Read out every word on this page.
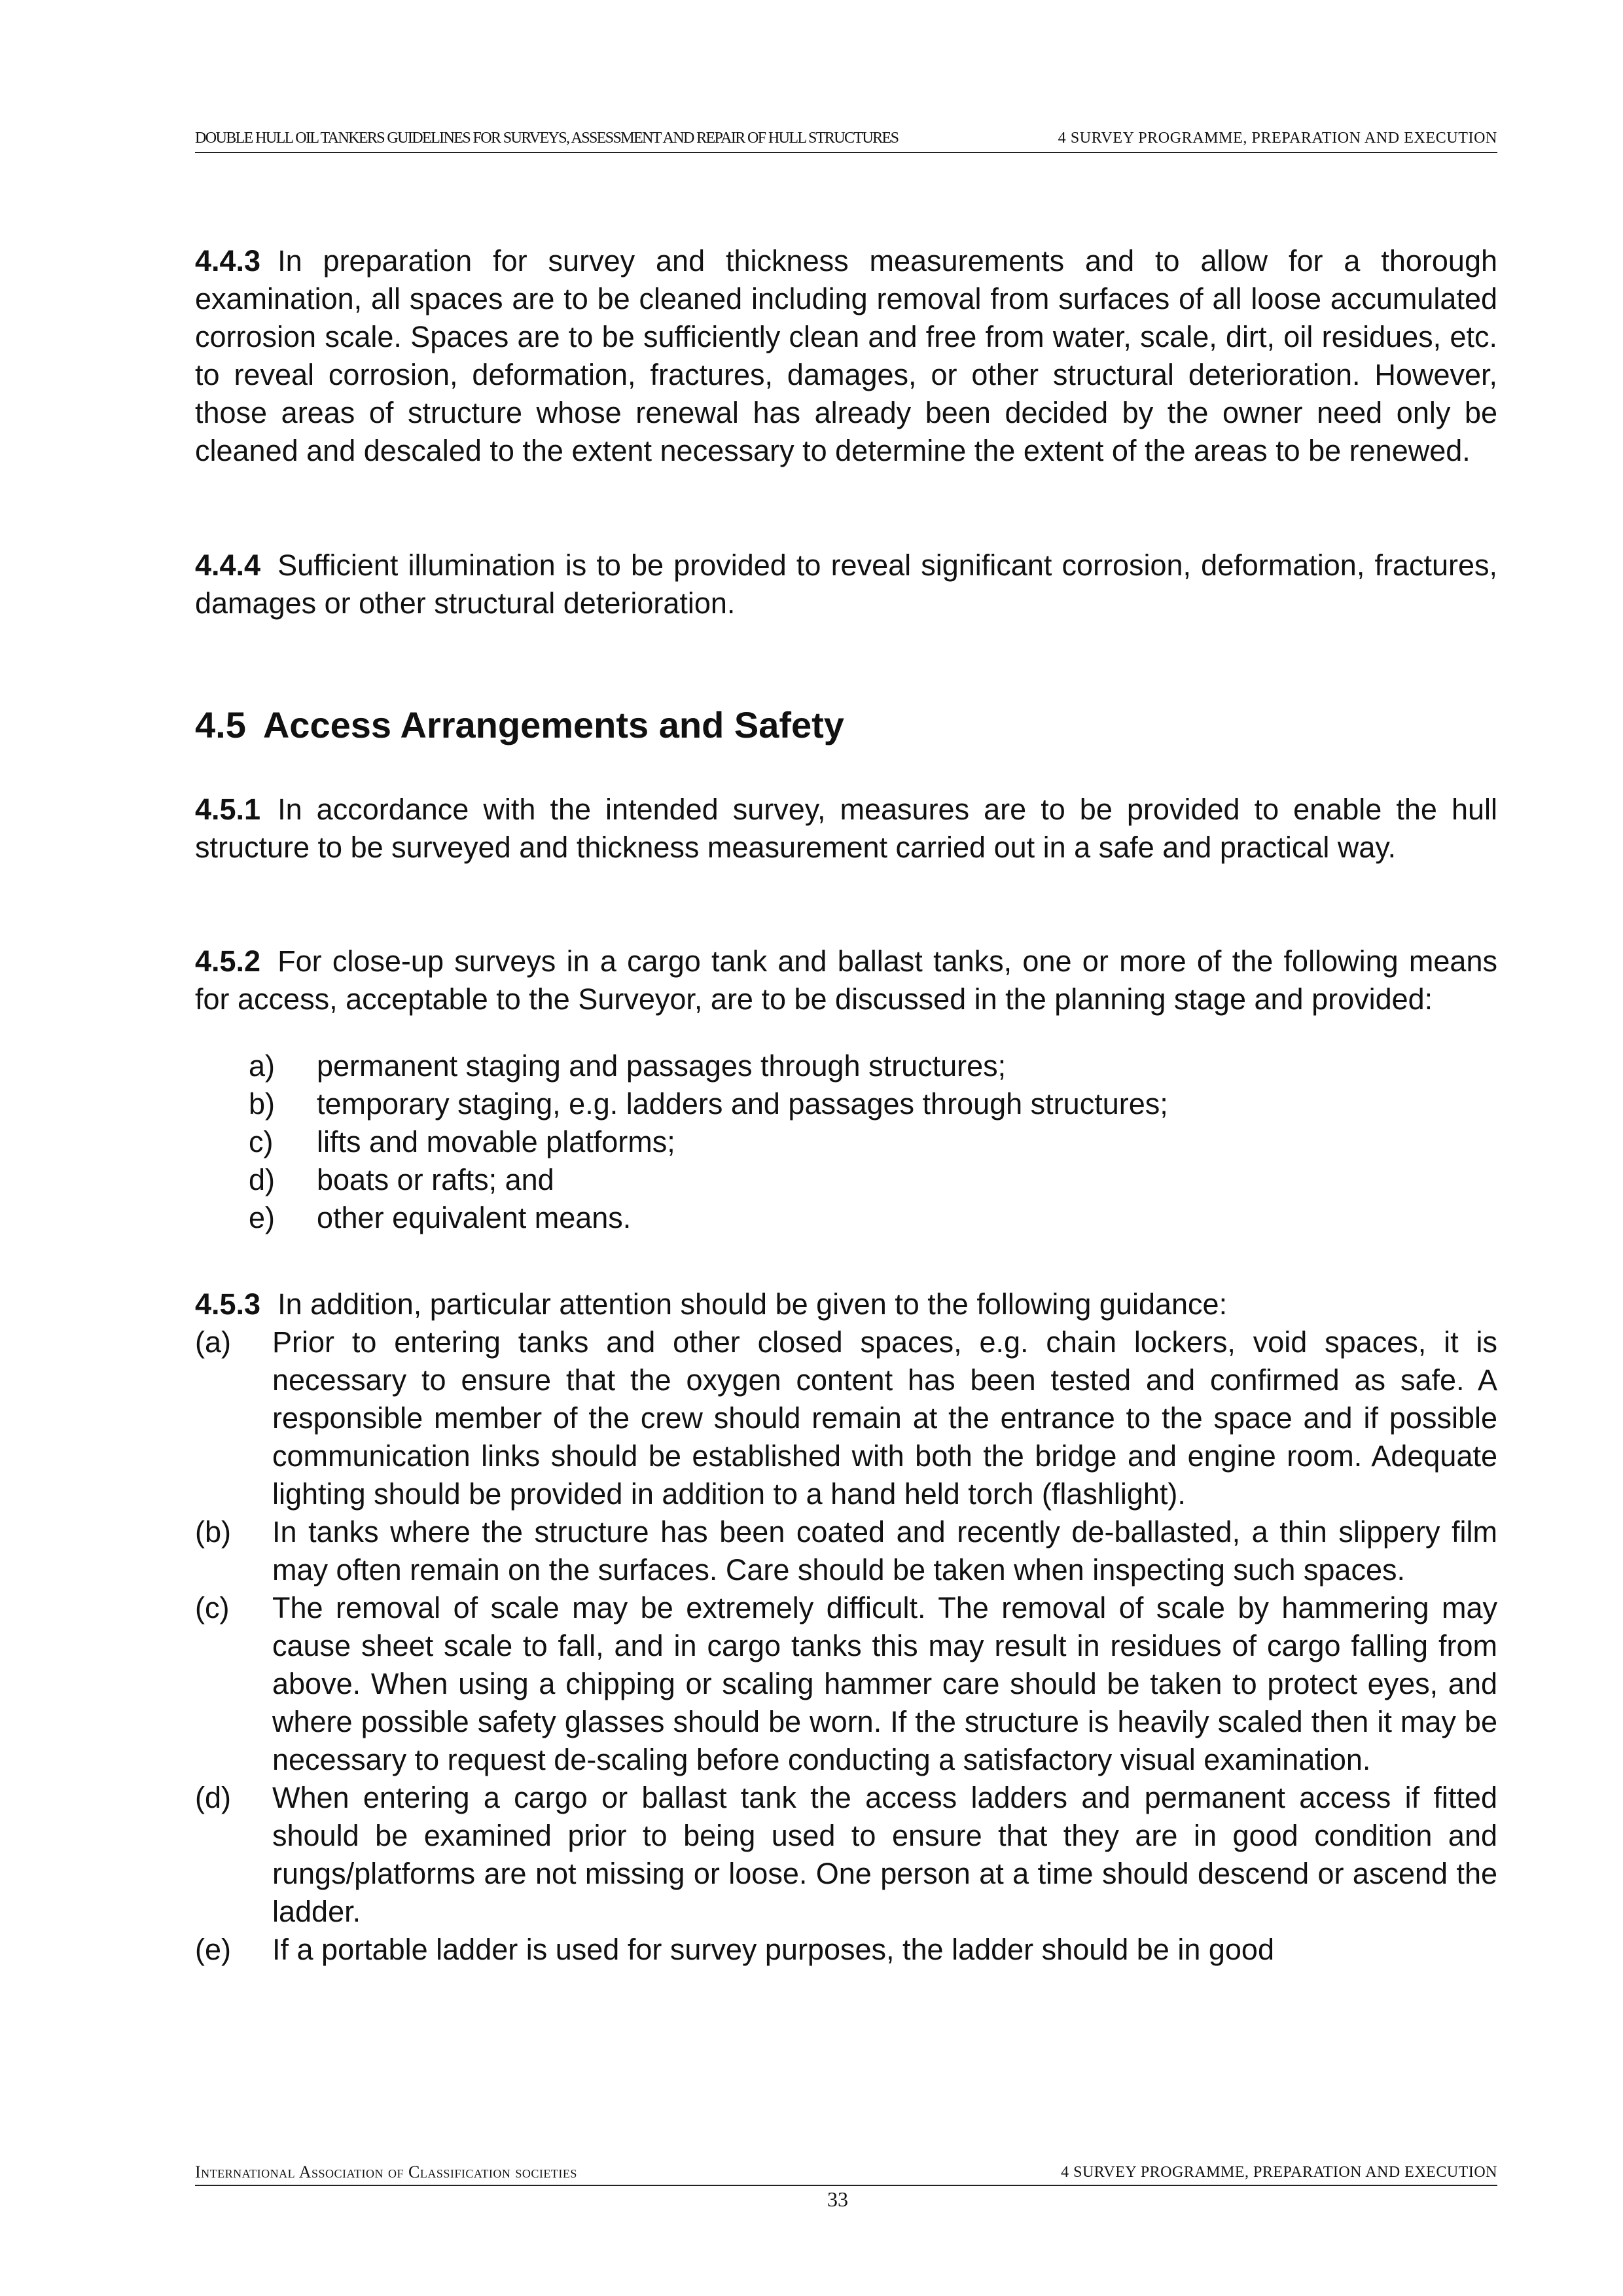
DOUBLE HULL OIL TANKERS GUIDELINES FOR SURVEYS, ASSESSMENT AND REPAIR OF HULL STRUCTURES	4 SURVEY PROGRAMME, PREPARATION AND EXECUTION

4.4.3 In preparation for survey and thickness measurements and to allow for a thorough examination, all spaces are to be cleaned including removal from surfaces of all loose accumulated corrosion scale. Spaces are to be sufficiently clean and free from water, scale, dirt, oil residues, etc. to reveal corrosion, deformation, fractures, damages, or other structural deterioration. However, those areas of structure whose renewal has already been decided by the owner need only be cleaned and descaled to the extent necessary to determine the extent of the areas to be renewed.

4.4.4 Sufficient illumination is to be provided to reveal significant corrosion, deformation, fractures, damages or other structural deterioration.

4.5 Access Arrangements and Safety

4.5.1 In accordance with the intended survey, measures are to be provided to enable the hull structure to be surveyed and thickness measurement carried out in a safe and practical way.

4.5.2 For close-up surveys in a cargo tank and ballast tanks, one or more of the following means for access, acceptable to the Surveyor, are to be discussed in the planning stage and provided:

a) permanent staging and passages through structures;
b) temporary staging, e.g. ladders and passages through structures;
c) lifts and movable platforms;
d) boats or rafts; and
e) other equivalent means.

4.5.3 In addition, particular attention should be given to the following guidance:

(a) Prior to entering tanks and other closed spaces, e.g. chain lockers, void spaces, it is necessary to ensure that the oxygen content has been tested and confirmed as safe. A responsible member of the crew should remain at the entrance to the space and if possible communication links should be established with both the bridge and engine room. Adequate lighting should be provided in addition to a hand held torch (flashlight).
(b) In tanks where the structure has been coated and recently de-ballasted, a thin slippery film may often remain on the surfaces. Care should be taken when inspecting such spaces.
(c) The removal of scale may be extremely difficult. The removal of scale by hammering may cause sheet scale to fall, and in cargo tanks this may result in residues of cargo falling from above. When using a chipping or scaling hammer care should be taken to protect eyes, and where possible safety glasses should be worn. If the structure is heavily scaled then it may be necessary to request de-scaling before conducting a satisfactory visual examination.
(d) When entering a cargo or ballast tank the access ladders and permanent access if fitted should be examined prior to being used to ensure that they are in good condition and rungs/platforms are not missing or loose. One person at a time should descend or ascend the ladder.
(e) If a portable ladder is used for survey purposes, the ladder should be in good
International Association of Classification societies	4 SURVEY PROGRAMME, PREPARATION AND EXECUTION
33
